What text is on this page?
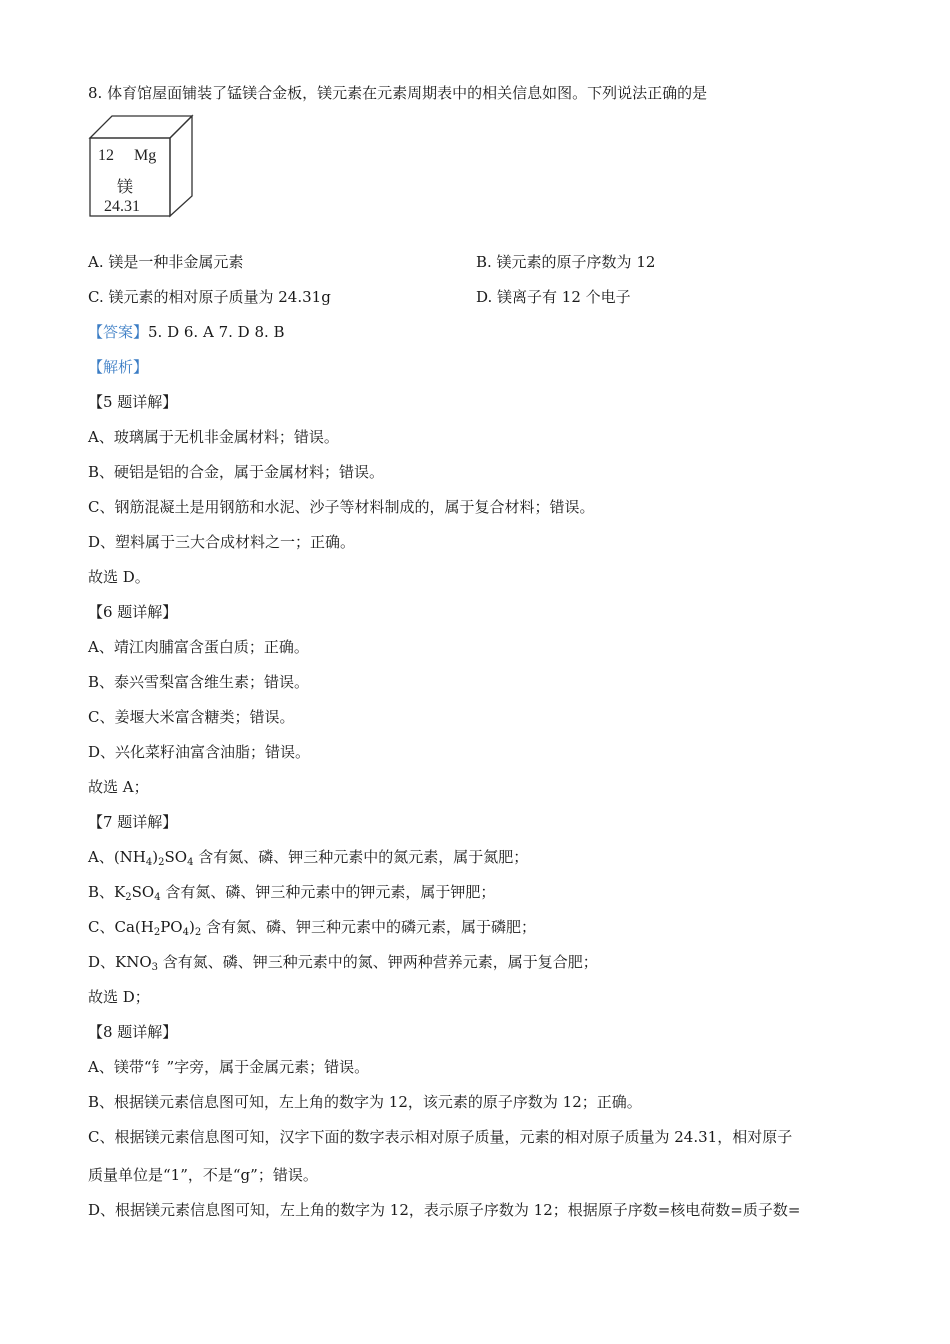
8. 体育馆屋面铺装了锰镁合金板，镁元素在元素周期表中的相关信息如图。下列说法正确的是
12 Mg
镁
24.31
A. 镁是一种非金属元素	B. 镁元素的原子序数为 12
C. 镁元素的相对原子质量为 24.31g	D. 镁离子有 12 个电子
【答案】5. D 6. A 7. D 8. B
【解析】
【5 题详解】
A、玻璃属于无机非金属材料；错误。
B、硬铝是铝的合金，属于金属材料；错误。
C、钢筋混凝土是用钢筋和水泥、沙子等材料制成的，属于复合材料；错误。
D、塑料属于三大合成材料之一；正确。
故选 D。
【6 题详解】
A、靖江肉脯富含蛋白质；正确。
B、泰兴雪梨富含维生素；错误。
C、姜堰大米富含糖类；错误。
D、兴化菜籽油富含油脂；错误。
故选 A；
【7 题详解】
A、$(NH_4)_2SO_4$ 含有氮、磷、钾三种元素中的氮元素，属于氮肥；
B、$K_2SO_4$ 含有氮、磷、钾三种元素中的钾元素，属于钾肥；
C、$Ca(H_2PO_4)_2$ 含有氮、磷、钾三种元素中的磷元素，属于磷肥；
D、$KNO_3$ 含有氮、磷、钾三种元素中的氮、钾两种营养元素，属于复合肥；
故选 D；
【8 题详解】
A、镁带“钅”字旁，属于金属元素；错误。
B、根据镁元素信息图可知，左上角的数字为 12，该元素的原子序数为 12；正确。
C、根据镁元素信息图可知，汉字下面的数字表示相对原子质量，元素的相对原子质量为 24.31，相对原子
质量单位是“1”，不是“g”；错误。
D、根据镁元素信息图可知，左上角的数字为 12，表示原子序数为 12；根据原子序数=核电荷数=质子数=
